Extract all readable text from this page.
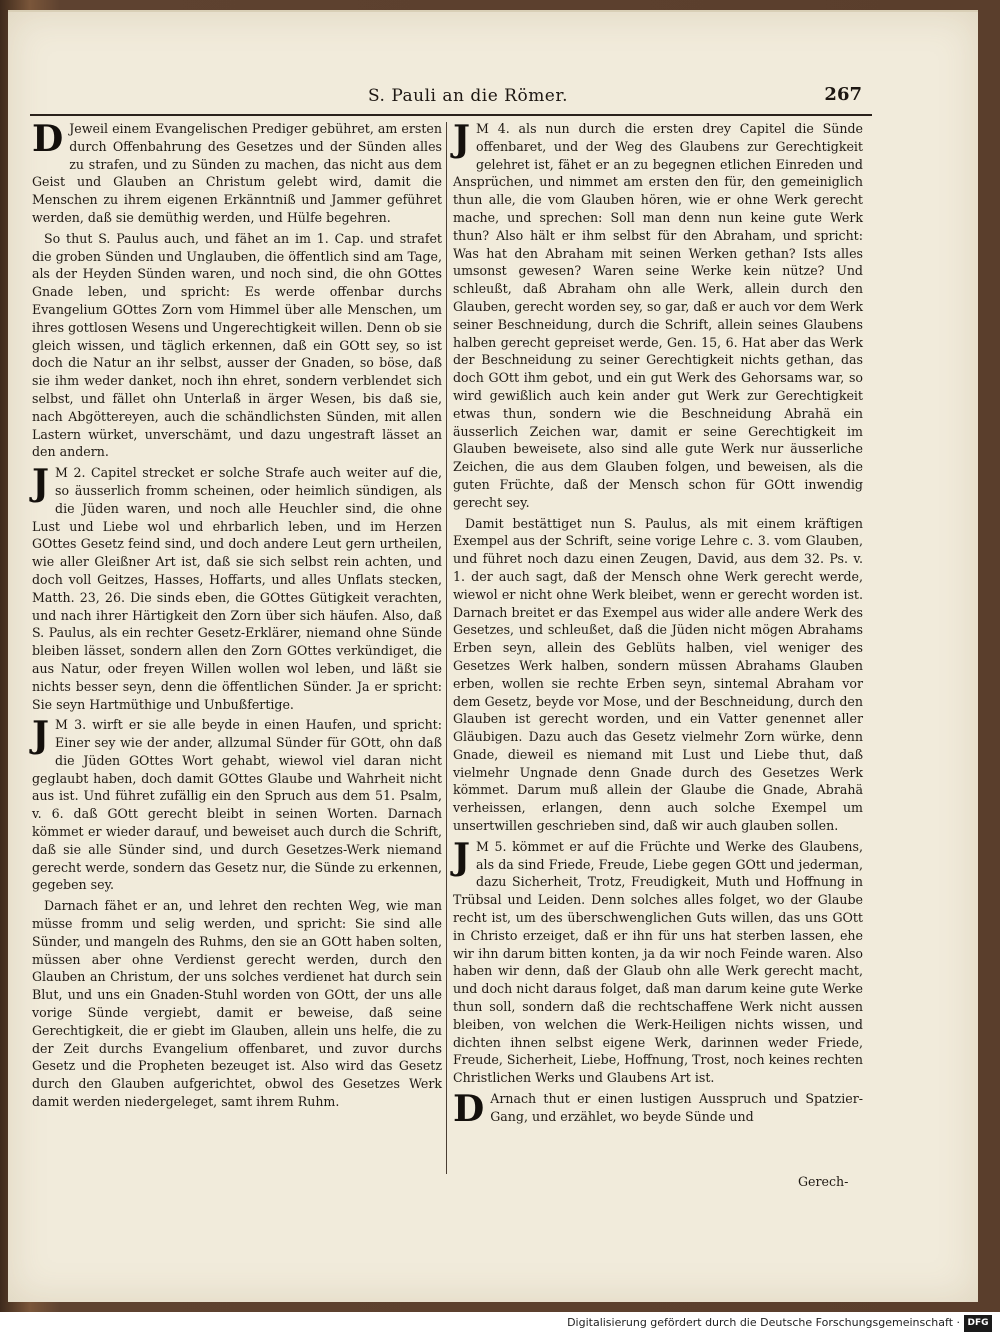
S. Pauli an die Römer.	267

D Jeweil einem Evangelischen Prediger gebühret, am ersten durch Offenbahrung des Gesetzes und der Sünden alles zu strafen, und zu Sünden zu machen, das nicht aus dem Geist und Glauben an Christum gelebt wird, damit die Menschen zu ihrem eigenen Erkänntniß und Jammer geführet werden, daß sie demüthig werden, und Hülfe begehren.

So thut S. Paulus auch, und fähet an im 1. Cap. und strafet die groben Sünden und Unglauben, die öffentlich sind am Tage, als der Heyden Sünden waren, und noch sind, die ohn GOttes Gnade leben, und spricht: Es werde offenbar durchs Evangelium GOttes Zorn vom Himmel über alle Menschen, um ihres gottlosen Wesens und Ungerechtigkeit willen. Denn ob sie gleich wissen, und täglich erkennen, daß ein GOtt sey, so ist doch die Natur an ihr selbst, ausser der Gnaden, so böse, daß sie ihm weder danket, noch ihn ehret, sondern verblendet sich selbst, und fället ohn Unterlaß in ärger Wesen, bis daß sie, nach Abgöttereyen, auch die schändlichsten Sünden, mit allen Lastern würket, unverschämt, und dazu ungestraft lässet an den andern.

J M 2. Capitel strecket er solche Strafe auch weiter auf die, so äusserlich fromm scheinen, oder heimlich sündigen, als die Jüden waren, und noch alle Heuchler sind, die ohne Lust und Liebe wol und ehrbarlich leben, und im Herzen GOttes Gesetz feind sind, und doch andere Leut gern urtheilen, wie aller Gleißner Art ist, daß sie sich selbst rein achten, und doch voll Geitzes, Hasses, Hoffarts, und alles Unflats stecken, Matth. 23, 26. Die sinds eben, die GOttes Gütigkeit verachten, und nach ihrer Härtigkeit den Zorn über sich häufen. Also, daß S. Paulus, als ein rechter Gesetz-Erklärer, niemand ohne Sünde bleiben lässet, sondern allen den Zorn GOttes verkündiget, die aus Natur, oder freyen Willen wollen wol leben, und läßt sie nichts besser seyn, denn die öffentlichen Sünder. Ja er spricht: Sie seyn Hartmüthige und Unbußfertige.

J M 3. wirft er sie alle beyde in einen Haufen, und spricht: Einer sey wie der ander, allzumal Sünder für GOtt, ohn daß die Jüden GOttes Wort gehabt, wiewol viel daran nicht geglaubt haben, doch damit GOttes Glaube und Wahrheit nicht aus ist. Und führet zufällig ein den Spruch aus dem 51. Psalm, v. 6. daß GOtt gerecht bleibt in seinen Worten. Darnach kömmet er wieder darauf, und beweiset auch durch die Schrift, daß sie alle Sünder sind, und durch Gesetzes-Werk niemand gerecht werde, sondern das Gesetz nur, die Sünde zu erkennen, gegeben sey.

Darnach fähet er an, und lehret den rechten Weg, wie man müsse fromm und selig werden, und spricht: Sie sind alle Sünder, und mangeln des Ruhms, den sie an GOtt haben solten, müssen aber ohne Verdienst gerecht werden, durch den Glauben an Christum, der uns solches verdienet hat durch sein Blut, und uns ein Gnaden-Stuhl worden von GOtt, der uns alle vorige Sünde vergiebt, damit er beweise, daß seine Gerechtigkeit, die er giebt im Glauben, allein uns helfe, die zu der Zeit durchs Evangelium offenbaret, und zuvor durchs Gesetz und die Propheten bezeuget ist. Also wird das Gesetz durch den Glauben aufgerichtet, obwol des Gesetzes Werk damit werden niedergeleget, samt ihrem Ruhm.

J M 4. als nun durch die ersten drey Capitel die Sünde offenbaret, und der Weg des Glaubens zur Gerechtigkeit gelehret ist, fähet er an zu begegnen etlichen Einreden und Ansprüchen, und nimmet am ersten den für, den gemeiniglich thun alle, die vom Glauben hören, wie er ohne Werk gerecht mache, und sprechen: Soll man denn nun keine gute Werk thun? Also hält er ihm selbst für den Abraham, und spricht: Was hat den Abraham mit seinen Werken gethan? Ists alles umsonst gewesen? Waren seine Werke kein nütze? Und schleußt, daß Abraham ohn alle Werk, allein durch den Glauben, gerecht worden sey, so gar, daß er auch vor dem Werk seiner Beschneidung, durch die Schrift, allein seines Glaubens halben gerecht gepreiset werde, Gen. 15, 6. Hat aber das Werk der Beschneidung zu seiner Gerechtigkeit nichts gethan, das doch GOtt ihm gebot, und ein gut Werk des Gehorsams war, so wird gewißlich auch kein ander gut Werk zur Gerechtigkeit etwas thun, sondern wie die Beschneidung Abrahä ein äusserlich Zeichen war, damit er seine Gerechtigkeit im Glauben beweisete, also sind alle gute Werk nur äusserliche Zeichen, die aus dem Glauben folgen, und beweisen, als die guten Früchte, daß der Mensch schon für GOtt inwendig gerecht sey.

Damit bestättiget nun S. Paulus, als mit einem kräftigen Exempel aus der Schrift, seine vorige Lehre c. 3. vom Glauben, und führet noch dazu einen Zeugen, David, aus dem 32. Ps. v. 1. der auch sagt, daß der Mensch ohne Werk gerecht werde, wiewol er nicht ohne Werk bleibet, wenn er gerecht worden ist. Darnach breitet er das Exempel aus wider alle andere Werk des Gesetzes, und schleußet, daß die Jüden nicht mögen Abrahams Erben seyn, allein des Geblüts halben, viel weniger des Gesetzes Werk halben, sondern müssen Abrahams Glauben erben, wollen sie rechte Erben seyn, sintemal Abraham vor dem Gesetz, beyde vor Mose, und der Beschneidung, durch den Glauben ist gerecht worden, und ein Vatter genennet aller Gläubigen. Dazu auch das Gesetz vielmehr Zorn würke, denn Gnade, dieweil es niemand mit Lust und Liebe thut, daß vielmehr Ungnade denn Gnade durch des Gesetzes Werk kömmet. Darum muß allein der Glaube die Gnade, Abrahä verheissen, erlangen, denn auch solche Exempel um unsertwillen geschrieben sind, daß wir auch glauben sollen.

J M 5. kömmet er auf die Früchte und Werke des Glaubens, als da sind Friede, Freude, Liebe gegen GOtt und jederman, dazu Sicherheit, Trotz, Freudigkeit, Muth und Hoffnung in Trübsal und Leiden. Denn solches alles folget, wo der Glaube recht ist, um des überschwenglichen Guts willen, das uns GOtt in Christo erzeiget, daß er ihn für uns hat sterben lassen, ehe wir ihn darum bitten konten, ja da wir noch Feinde waren. Also haben wir denn, daß der Glaub ohn alle Werk gerecht macht, und doch nicht daraus folget, daß man darum keine gute Werke thun soll, sondern daß die rechtschaffene Werk nicht aussen bleiben, von welchen die Werk-Heiligen nichts wissen, und dichten ihnen selbst eigene Werk, darinnen weder Friede, Freude, Sicherheit, Liebe, Hoffnung, Trost, noch keines rechten Christlichen Werks und Glaubens Art ist.

D Arnach thut er einen lustigen Ausspruch und Spatzier-Gang, und erzählet, wo beyde Sünde und

Gerech-
Digitalisierung gefördert durch die Deutsche Forschungsgemeinschaft · DFG
